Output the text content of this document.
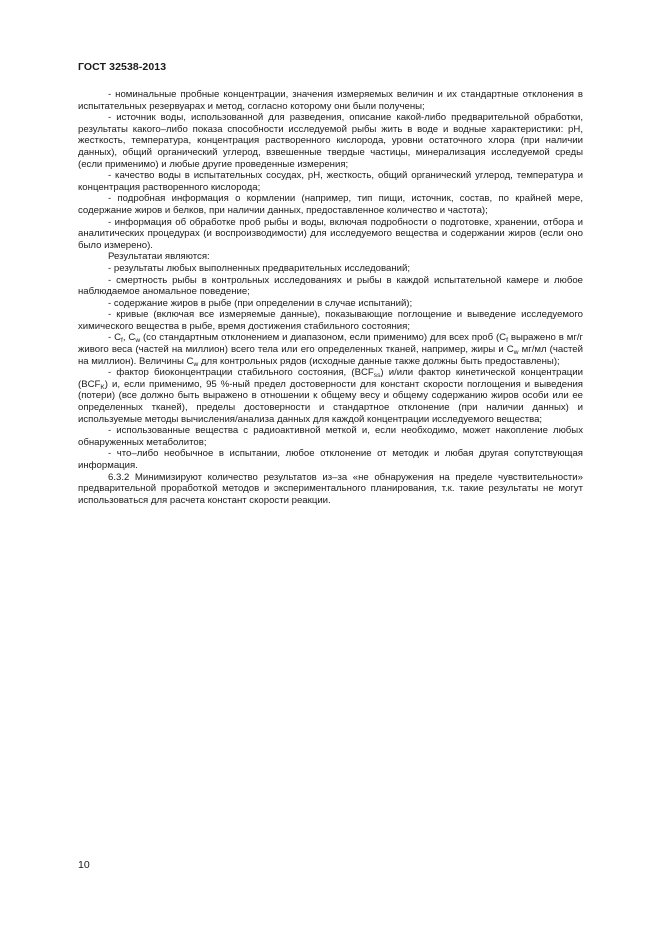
ГОСТ 32538-2013

- номинальные пробные концентрации, значения измеряемых величин и их стандартные отклонения в испытательных резервуарах и метод, согласно которому они были получены;

- источник воды, использованной для разведения, описание какой-либо предварительной обработки, результаты какого–либо показа способности исследуемой рыбы жить в воде и водные характеристики: pH, жесткость, температура, концентрация растворенного кислорода, уровни остаточного хлора (при наличии данных), общий органический углерод, взвешенные твердые частицы, минерализация исследуемой среды (если применимо) и любые другие проведенные измерения;

- качество воды в испытательных сосудах, pH, жесткость, общий органический углерод, температура и концентрация растворенного кислорода;

- подробная информация о кормлении (например, тип пищи, источник, состав, по крайней мере, содержание жиров и белков, при наличии данных, предоставленное количество и частота);

- информация об обработке проб рыбы и воды, включая подробности о подготовке, хранении, отбора и аналитических процедурах (и воспроизводимости) для исследуемого вещества и содержании жиров (если оно было измерено).

Результатаи являются:

- результаты любых выполненных предварительных исследований;

- смертность рыбы в контрольных исследованиях и рыбы в каждой испытательной камере и любое наблюдаемое аномальное поведение;

- содержание жиров в рыбе (при определении в случае испытаний);

- кривые (включая все измеряемые данные), показывающие поглощение и выведение исследуемого химического вещества в рыбе, время достижения стабильного состояния;

- $C_f$, $C_w$ (со стандартным отклонением и диапазоном, если применимо) для всех проб ($C_f$ выражено в мг/г живого веса (частей на миллион) всего тела или его определенных тканей, например, жиры и $C_w$ мг/мл (частей на миллион). Величины $C_w$ для контрольных рядов (исходные данные также должны быть предоставлены);

- фактор биоконцентрации стабильного состояния, $(BCF_{ss})$ и/или фактор кинетической концентрации $(BCF_K)$ и, если применимо, 95 %-ный предел достоверности для констант скорости поглощения и выведения (потери) (все должно быть выражено в отношении к общему весу и общему содержанию жиров особи или ее определенных тканей), пределы достоверности и стандартное отклонение (при наличии данных) и используемые методы вычисления/анализа данных для каждой концентрации исследуемого вещества;

- использованные вещества с радиоактивной меткой и, если необходимо, может накопление любых обнаруженных метаболитов;

- что–либо необычное в испытании, любое отклонение от методик и любая другая сопутствующая информация.

6.3.2 Минимизируют количество результатов из–за «не обнаружения на пределе чувствительности» предварительной проработкой методов и экспериментального планирования, т.к. такие результаты не могут использоваться для расчета констант скорости реакции.

10
